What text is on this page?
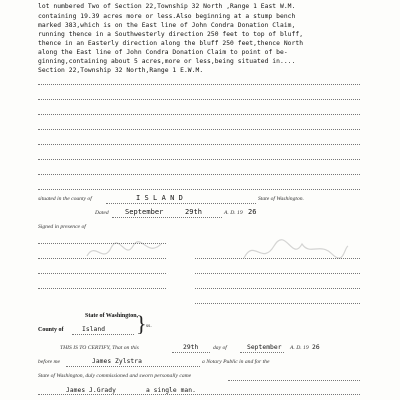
lot numbered Two of Section 22,Township 32 North ,Range 1 East W.M.
containing 19.39 acres more or less.Also beginning at a stump bench
marked 383,which is on the East line of John Condra Donation Claim,
running thence in a Southwesterly direction 250 feet to top of bluff,
thence in an Easterly direction along the bluff 250 feet,thence North
along the East line of John Condra Donation Claim to point of be-
ginning,containing about 5 acres,more or less,being situated in....
Section 22,Township 32 North,Range 1 E.W.M.
situated in the county of	I S L A N D	State of Washington.
Dated September	29th	A. D. 19 26
Signed in presence of
State of Washington,
County of	Island } ss.
THIS IS TO CERTIFY, That on this	29th	day of	September A. D. 19 26
before me	James Zylstra	a Notary Public in and for the
State of Washington, duly commissioned and sworn personally came
James J.Grady	a single man.
